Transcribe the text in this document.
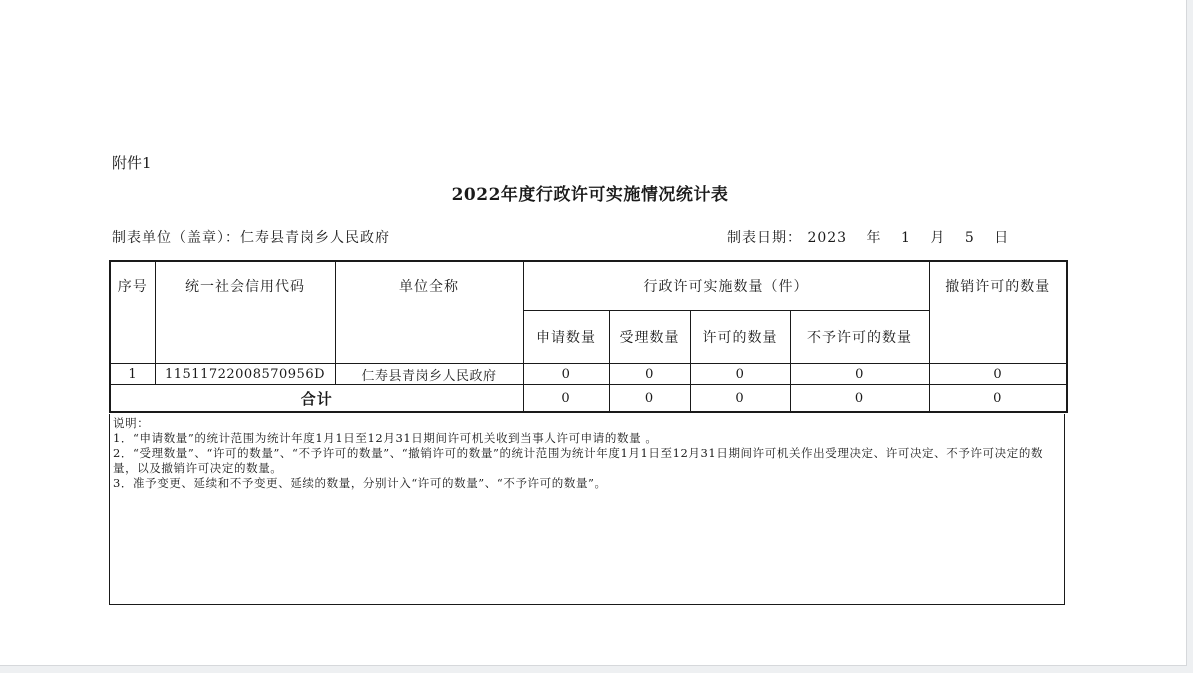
附件1
2022年度行政许可实施情况统计表
制表单位（盖章）：仁寿县青岗乡人民政府	制表日期： 2023 年 1 月 5 日
序号	统一社会信用代码	单位全称	行政许可实施数量（件）				撤销许可的数量
			申请数量	受理数量	许可的数量	不予许可的数量	
1	11511722008570956D	仁寿县青岗乡人民政府	0	0	0	0	0
合计			0	0	0	0	0

说明：

1．“申请数量”的统计范围为统计年度1月1日至12月31日期间许可机关收到当事人许可申请的数量 。

2．“受理数量”、“许可的数量”、“不予许可的数量”、“撤销许可的数量”的统计范围为统计年度1月1日至12月31日期间许可机关作出受理决定、许可决定、不予许可决定的数量，以及撤销许可决定的数量。

3．准予变更、延续和不予变更、延续的数量，分别计入“许可的数量”、“不予许可的数量”。
